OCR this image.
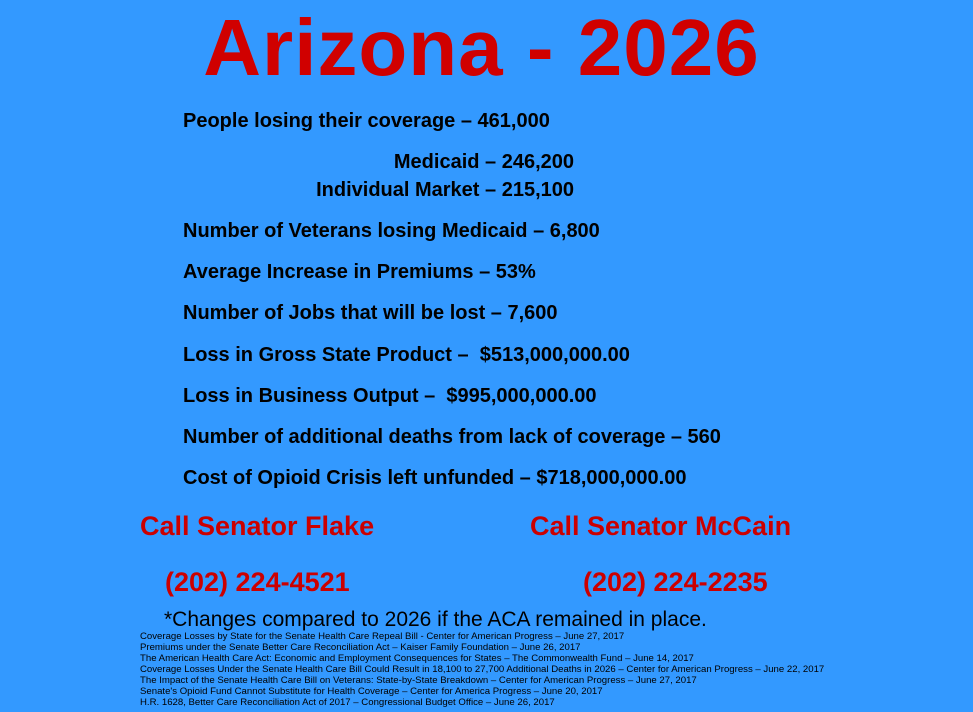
Arizona - 2026
People losing their coverage – 461,000
Medicaid – 246,200
Individual Market – 215,100
Number of Veterans losing Medicaid – 6,800
Average Increase in Premiums – 53%
Number of Jobs that will be lost – 7,600
Loss in Gross State Product –  $513,000,000.00
Loss in Business Output –  $995,000,000.00
Number of additional deaths from lack of coverage – 560
Cost of Opioid Crisis left unfunded – $718,000,000.00
Call Senator Flake
(202) 224-4521
Call Senator McCain
(202) 224-2235
*Changes compared to 2026 if the ACA remained in place.
Coverage Losses by State for the Senate Health Care Repeal Bill - Center for American Progress – June 27, 2017
Premiums under the Senate Better Care Reconciliation Act – Kaiser Family Foundation – June 26, 2017
The American Health Care Act: Economic and Employment Consequences for States – The Commonwealth Fund – June 14, 2017
Coverage Losses Under the Senate Health Care Bill Could Result in 18,100 to 27,700 Additional Deaths in 2026 – Center for American Progress – June 22, 2017
The Impact of the Senate Health Care Bill on Veterans: State-by-State Breakdown – Center for American Progress – June 27, 2017
Senate's Opioid Fund Cannot Substitute for Health Coverage – Center for America Progress – June 20, 2017
H.R. 1628, Better Care Reconciliation Act of 2017 – Congressional Budget Office – June 26, 2017
